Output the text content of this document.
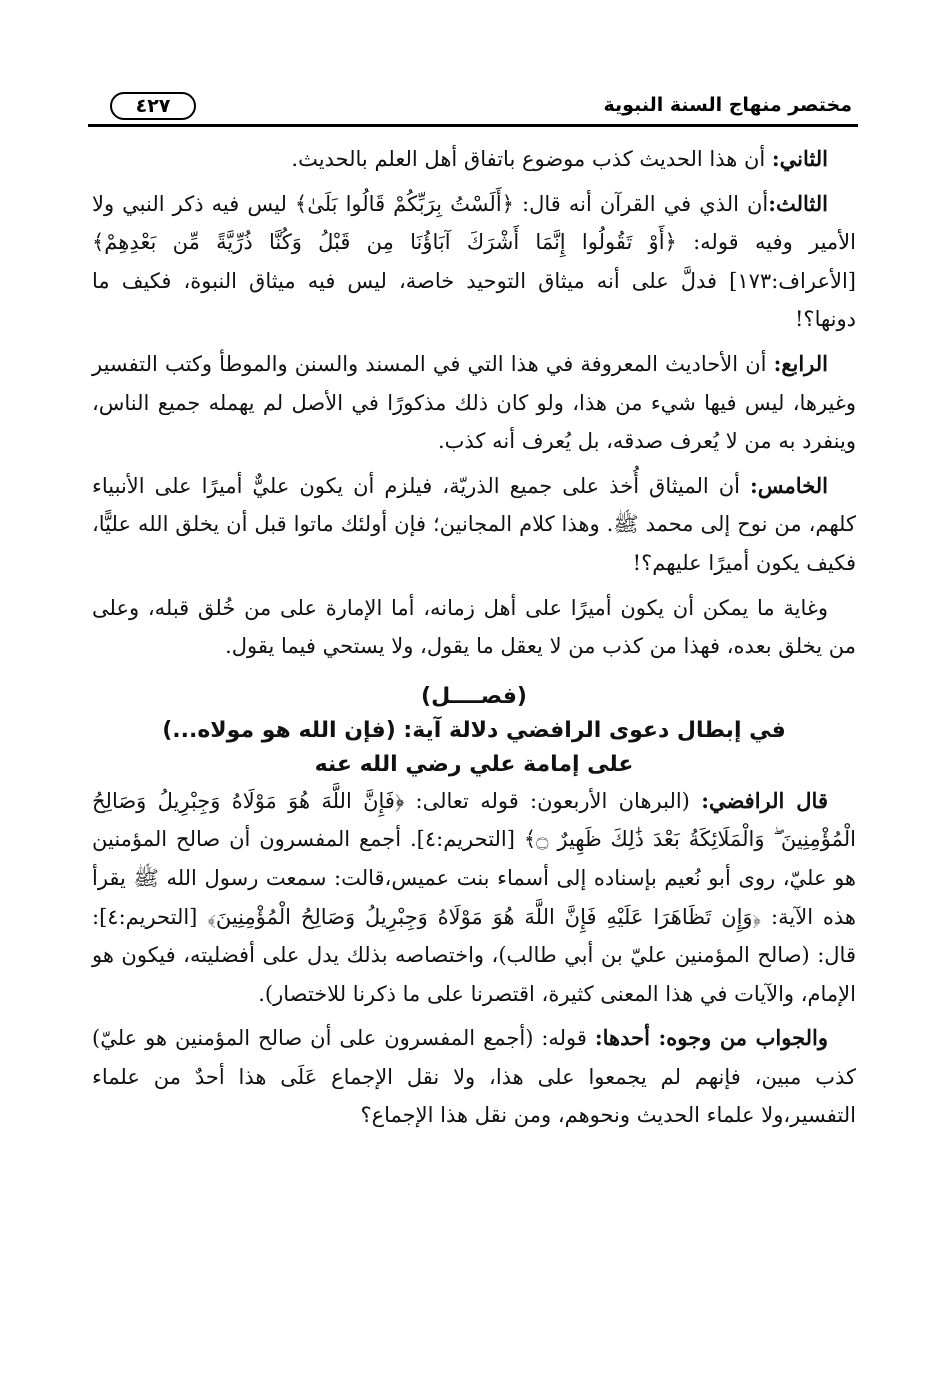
مختصر منهاج السنة النبوية
٤٢٧

الثاني: أن هذا الحديث كذب موضوع باتفاق أهل العلم بالحديث.

الثالث:أن الذي في القرآن أنه قال: ﴿أَلَسْتُ بِرَبِّكُمْ قَالُوا بَلَىٰ﴾ ليس فيه ذكر النبي ولا الأمير وفيه قوله: ﴿أَوْ تَقُولُوا إِنَّمَا أَشْرَكَ آبَاؤُنَا مِن قَبْلُ وَكُنَّا ذُرِّيَّةً مِّن بَعْدِهِمْ﴾ [الأعراف:١٧٣] فدلَّ على أنه ميثاق التوحيد خاصة، ليس فيه ميثاق النبوة، فكيف ما دونها؟!

الرابع: أن الأحاديث المعروفة في هذا التي في المسند والسنن والموطأ وكتب التفسير وغيرها، ليس فيها شيء من هذا، ولو كان ذلك مذكورًا في الأصل لم يهمله جميع الناس، وينفرد به من لا يُعرف صدقه، بل يُعرف أنه كذب.

الخامس: أن الميثاق أُخذ على جميع الذريّة، فيلزم أن يكون عليٌّ أميرًا على الأنبياء كلهم، من نوح إلى محمد ﷺ. وهذا كلام المجانين؛ فإن أولئك ماتوا قبل أن يخلق الله عليًّا، فكيف يكون أميرًا عليهم؟!

وغاية ما يمكن أن يكون أميرًا على أهل زمانه، أما الإمارة على من خُلق قبله، وعلى من يخلق بعده، فهذا من كذب من لا يعقل ما يقول، ولا يستحي فيما يقول.

(فصــــل)
في إبطال دعوى الرافضي دلالة آية: (فإن الله هو مولاه...)
على إمامة علي رضي الله عنه

قال الرافضي: (البرهان الأربعون: قوله تعالى: ﴿فَإِنَّ اللَّهَ هُوَ مَوْلَاهُ وَجِبْرِيلُ وَصَالِحُ الْمُؤْمِنِينَ ۖ وَالْمَلَائِكَةُ بَعْدَ ذَٰلِكَ ظَهِيرٌ ۝﴾ [التحريم:٤]. أجمع المفسرون أن صالح المؤمنين هو عليّ، روى أبو نُعيم بإسناده إلى أسماء بنت عميس،قالت: سمعت رسول الله ﷺ يقرأ هذه الآية: ﴿وَإِن تَظَاهَرَا عَلَيْهِ فَإِنَّ اللَّهَ هُوَ مَوْلَاهُ وَجِبْرِيلُ وَصَالِحُ الْمُؤْمِنِينَ﴾ [التحريم:٤]: قال: (صالح المؤمنين عليّ بن أبي طالب)، واختصاصه بذلك يدل على أفضليته، فيكون هو الإمام، والآيات في هذا المعنى كثيرة، اقتصرنا على ما ذكرنا للاختصار).

والجواب من وجوه: أحدها: قوله: (أجمع المفسرون على أن صالح المؤمنين هو عليّ) كذب مبين، فإنهم لم يجمعوا على هذا، ولا نقل الإجماع عَلَى هذا أحدٌ من علماء التفسير،ولا علماء الحديث ونحوهم، ومن نقل هذا الإجماع؟
